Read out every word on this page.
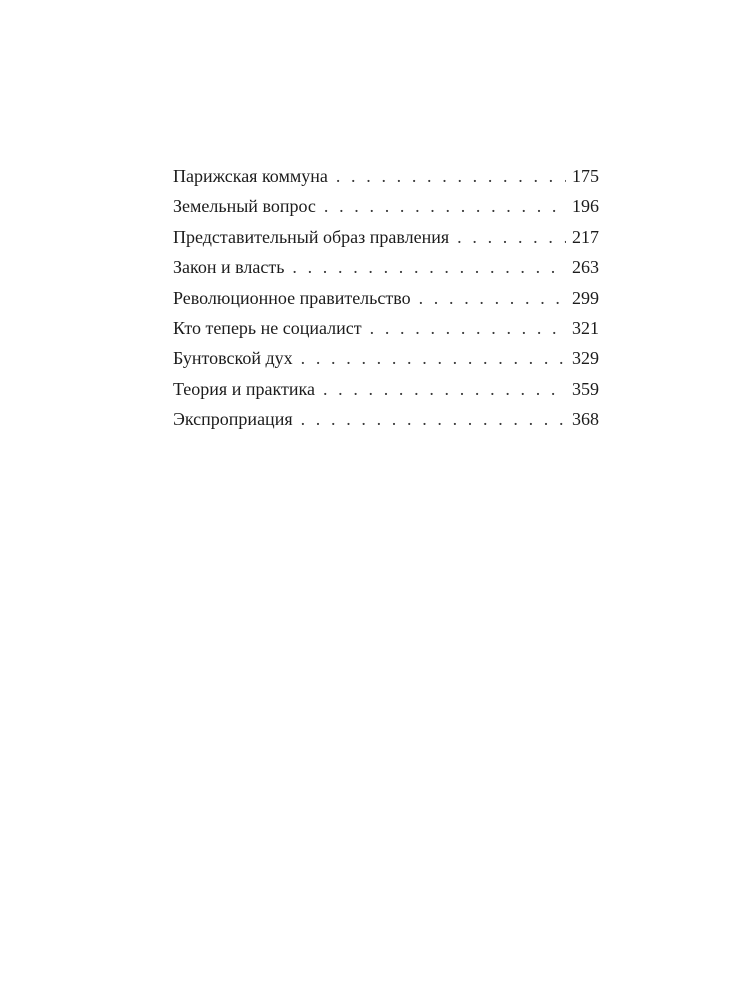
Парижская коммуна . . .	175
Земельный вопрос . . .	196
Представительный образ правления . . .	217
Закон и власть . . .	263
Революционное правительство . . .	299
Кто теперь не социалист . . .	321
Бунтовской дух . . .	329
Теория и практика . . .	359
Экспроприация . . .	368
